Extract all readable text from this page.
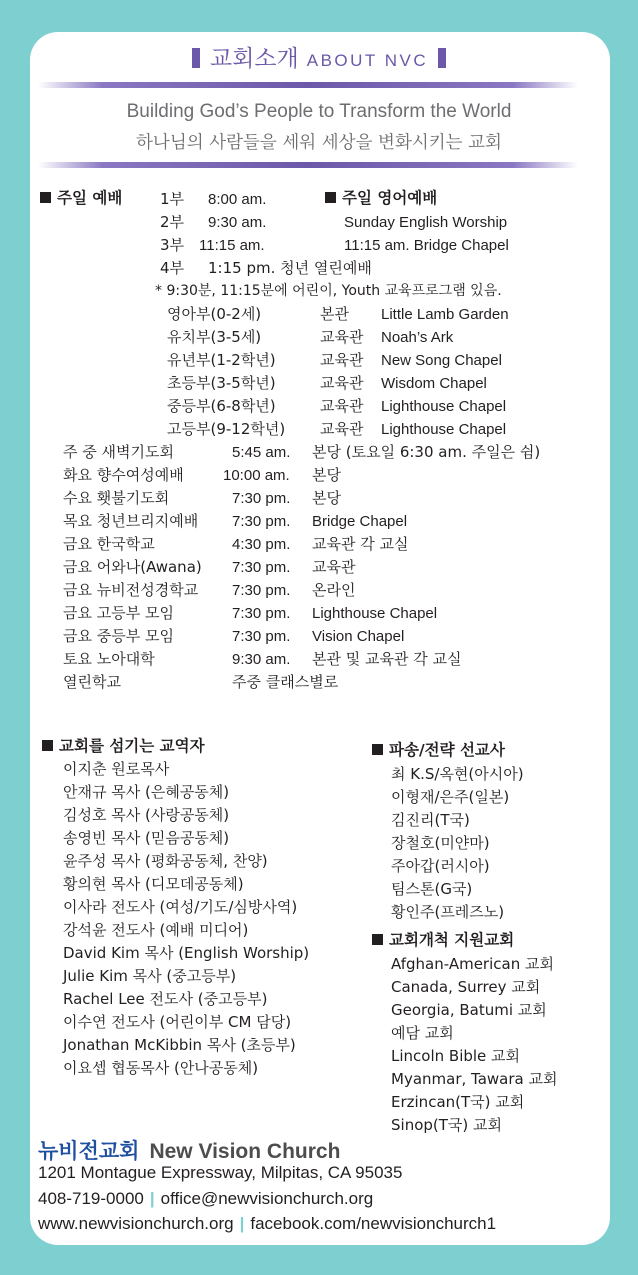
교회소개 ABOUT NVC
Building God’s People to Transform the World
하나님의 사람들을 세워 세상을 변화시키는 교회
주일 예배	1부 8:00 am.
2부 9:30 am.
3부 11:15 am.
4부 1:15 pm. 청년 열린예배
주일 영어예배
Sunday English Worship
11:15 am. Bridge Chapel
* 9:30분, 11:15분에 어린이, Youth 교육프로그램 있음.
영아부(0-2세)	본관 Little Lamb Garden
유치부(3-5세)	교육관 Noah’s Ark
유년부(1-2학년)	교육관 New Song Chapel
초등부(3-5학년)	교육관 Wisdom Chapel
중등부(6-8학년)	교육관 Lighthouse Chapel
고등부(9-12학년) 교육관 Lighthouse Chapel
주 중 새벽기도회	5:45 am. 본당 (토요일 6:30 am. 주일은 쉼)
화요 향수여성예배	10:00 am. 본당
수요 횃불기도회	7:30 pm. 본당
목요 청년브리지예배 7:30 pm. Bridge Chapel
금요 한국학교	4:30 pm. 교육관 각 교실
금요 어와나(Awana) 7:30 pm. 교육관
금요 뉴비전성경학교 7:30 pm. 온라인
금요 고등부 모임	7:30 pm. Lighthouse Chapel
금요 중등부 모임	7:30 pm. Vision Chapel
토요 노아대학	9:30 am. 본관 및 교육관 각 교실
열린학교	주중 클래스별로
교회를 섬기는 교역자
이지춘 원로목사
안재규 목사 (은혜공동체)
김성호 목사 (사랑공동체)
송영빈 목사 (믿음공동체)
윤주성 목사 (평화공동체, 찬양)
황의현 목사 (디모데공동체)
이사라 전도사 (여성/기도/심방사역)
강석윤 전도사 (예배 미디어)
David Kim 목사 (English Worship)
Julie Kim 목사 (중고등부)
Rachel Lee 전도사 (중고등부)
이수연 전도사 (어린이부 CM 담당)
Jonathan McKibbin 목사 (초등부)
이요셉 협동목사 (안나공동체)
파송/전략 선교사
최 K.S/옥현(아시아)
이형재/은주(일본)
김진리(T국)
장철호(미얀마)
주아갑(러시아)
팀스톤(G국)
황인주(프레즈노)
교회개척 지원교회
Afghan-American 교회
Canada, Surrey 교회
Georgia, Batumi 교회
예담 교회
Lincoln Bible 교회
Myanmar, Tawara 교회
Erzincan(T국) 교회
Sinop(T국) 교회
뉴비전교회 New Vision Church
1201 Montague Expressway, Milpitas, CA 95035
408-719-0000 | office@newvisionchurch.org
www.newvisionchurch.org | facebook.com/newvisionchurch1
